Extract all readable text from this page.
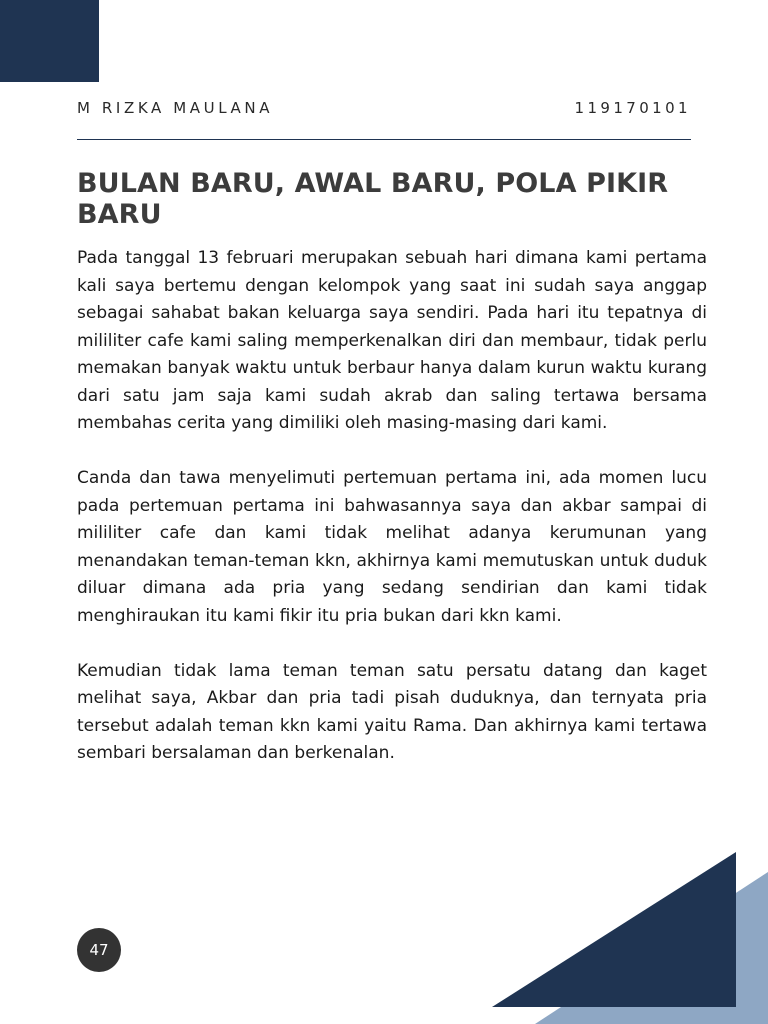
M RIZKA MAULANA	119170101
BULAN BARU, AWAL BARU, POLA PIKIR BARU

Pada tanggal 13 februari merupakan sebuah hari dimana kami pertama kali saya bertemu dengan kelompok yang saat ini sudah saya anggap sebagai sahabat bakan keluarga saya sendiri. Pada hari itu tepatnya di mililiter cafe kami saling memperkenalkan diri dan membaur, tidak perlu memakan banyak waktu untuk berbaur hanya dalam kurun waktu kurang dari satu jam saja kami sudah akrab dan saling tertawa bersama membahas cerita yang dimiliki oleh masing-masing dari kami.

Canda dan tawa menyelimuti pertemuan pertama ini, ada momen lucu pada pertemuan pertama ini bahwasannya saya dan akbar sampai di mililiter cafe dan kami tidak melihat adanya kerumunan yang menandakan teman-teman kkn, akhirnya kami memutuskan untuk duduk diluar dimana ada pria yang sedang sendirian dan kami tidak menghiraukan itu kami fikir itu pria bukan dari kkn kami.

Kemudian tidak lama teman teman satu persatu datang dan kaget melihat saya, Akbar dan pria tadi pisah duduknya, dan ternyata pria tersebut adalah teman kkn kami yaitu Rama. Dan akhirnya kami tertawa sembari bersalaman dan berkenalan.

47
